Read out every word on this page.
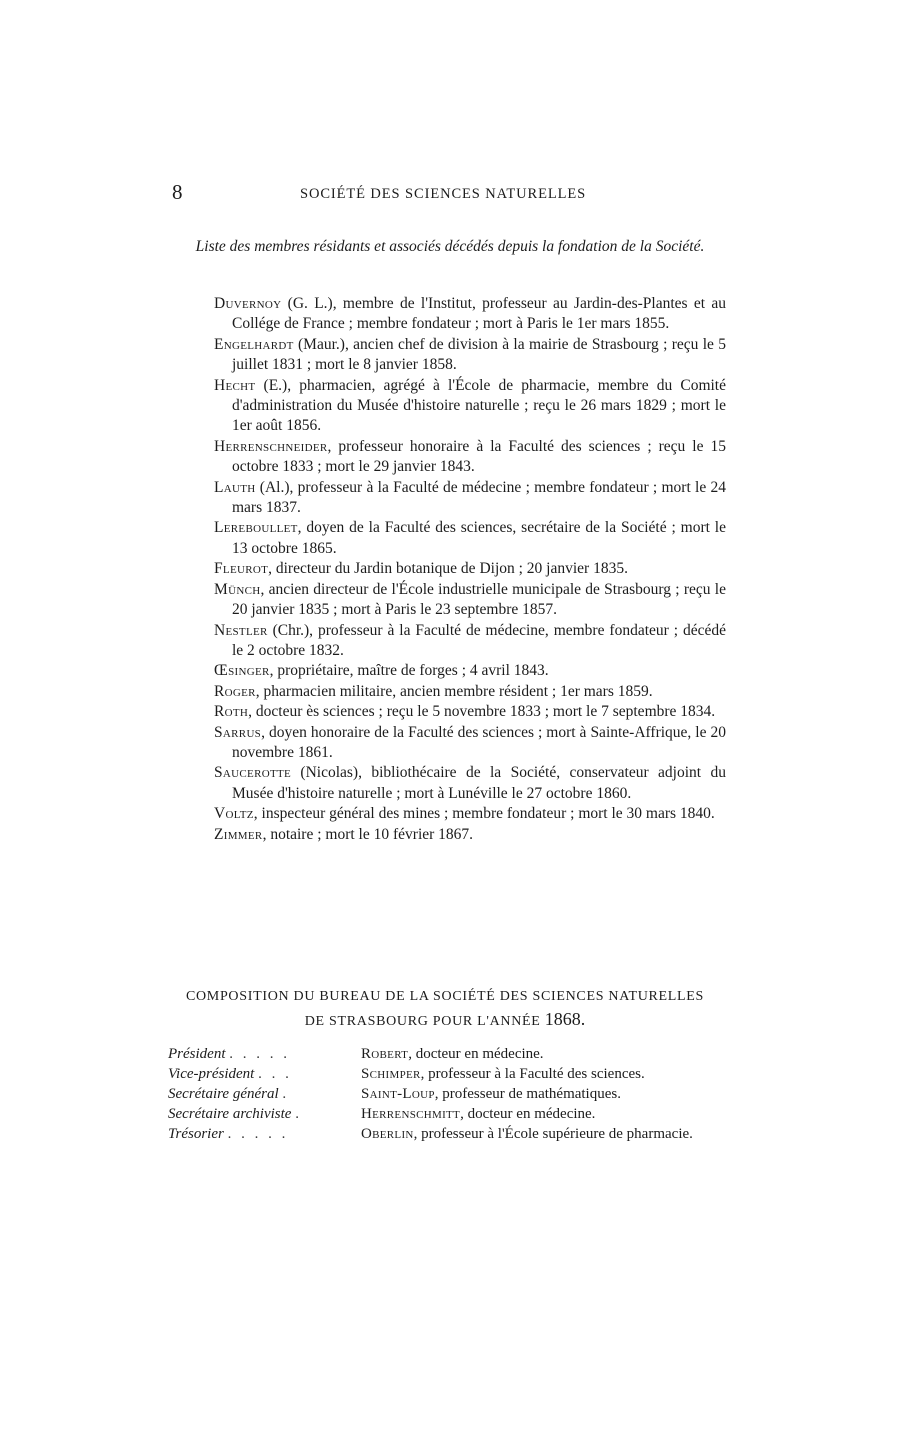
8	SOCIÉTÉ DES SCIENCES NATURELLES

Liste des membres résidants et associés décédés depuis la fondation de la Société.

Duvernoy (G. L.), membre de l'Institut, professeur au Jardin-des-Plantes et au Collége de France ; membre fondateur ; mort à Paris le 1er mars 1855.

Engelhardt (Maur.), ancien chef de division à la mairie de Strasbourg ; reçu le 5 juillet 1831 ; mort le 8 janvier 1858.

Hecht (E.), pharmacien, agrégé à l'École de pharmacie, membre du Comité d'administration du Musée d'histoire naturelle ; reçu le 26 mars 1829 ; mort le 1er août 1856.

Herrenschneider, professeur honoraire à la Faculté des sciences ; reçu le 15 octobre 1833 ; mort le 29 janvier 1843.

Lauth (Al.), professeur à la Faculté de médecine ; membre fondateur ; mort le 24 mars 1837.

Lereboullet, doyen de la Faculté des sciences, secrétaire de la Société ; mort le 13 octobre 1865.

Fleurot, directeur du Jardin botanique de Dijon ; 20 janvier 1835.

Münch, ancien directeur de l'École industrielle municipale de Strasbourg ; reçu le 20 janvier 1835 ; mort à Paris le 23 septembre 1857.

Nestler (Chr.), professeur à la Faculté de médecine, membre fondateur ; décédé le 2 octobre 1832.

Œsinger, propriétaire, maître de forges ; 4 avril 1843.

Roger, pharmacien militaire, ancien membre résident ; 1er mars 1859.

Roth, docteur ès sciences ; reçu le 5 novembre 1833 ; mort le 7 septembre 1834.

Sarrus, doyen honoraire de la Faculté des sciences ; mort à Sainte-Affrique, le 20 novembre 1861.

Saucerotte (Nicolas), bibliothécaire de la Société, conservateur adjoint du Musée d'histoire naturelle ; mort à Lunéville le 27 octobre 1860.

Voltz, inspecteur général des mines ; membre fondateur ; mort le 30 mars 1840.

Zimmer, notaire ; mort le 10 février 1867.

COMPOSITION DU BUREAU DE LA SOCIÉTÉ DES SCIENCES NATURELLES
DE STRASBOURG POUR L'ANNÉE 1868.

Président . . . . .	Robert, docteur en médecine.

Vice-président . . .	Schimper, professeur à la Faculté des sciences.

Secrétaire général .	Saint-Loup, professeur de mathématiques.

Secrétaire archiviste .	Herrenschmitt, docteur en médecine.

Trésorier . . . . .	Oberlin, professeur à l'École supérieure de pharmacie.
